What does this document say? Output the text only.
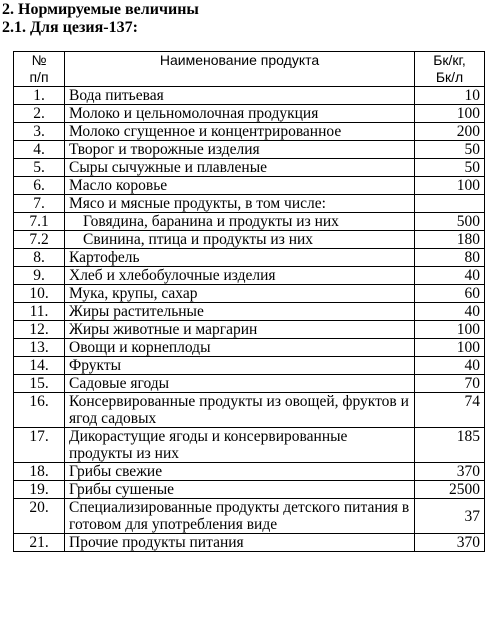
2. Нормируемые величины

2.1. Для цезия-137:

№ п/п	Наименование продукта	Бк/кг, Бк/л
1.	Вода питьевая	10
2.	Молоко и цельномолочная продукция	100
3.	Молоко сгущенное и концентрированное	200
4.	Творог и творожные изделия	50
5.	Сыры сычужные и плавленые	50
6.	Масло коровье	100
7.	Мясо и мясные продукты, в том числе:	
7.1	Говядина, баранина и продукты из них	500
7.2	Свинина, птица и продукты из них	180
8.	Картофель	80
9.	Хлеб и хлебобулочные изделия	40
10.	Мука, крупы, сахар	60
11.	Жиры растительные	40
12.	Жиры животные и маргарин	100
13.	Овощи и корнеплоды	100
14.	Фрукты	40
15.	Садовые ягоды	70
16.	Консервированные продукты из овощей, фруктов и ягод садовых	74
17.	Дикорастущие ягоды и консервированные продукты из них	185
18.	Грибы свежие	370
19.	Грибы сушеные	2500
20.	Специализированные продукты детского питания в готовом для употребления виде	37
21.	Прочие продукты питания	370
